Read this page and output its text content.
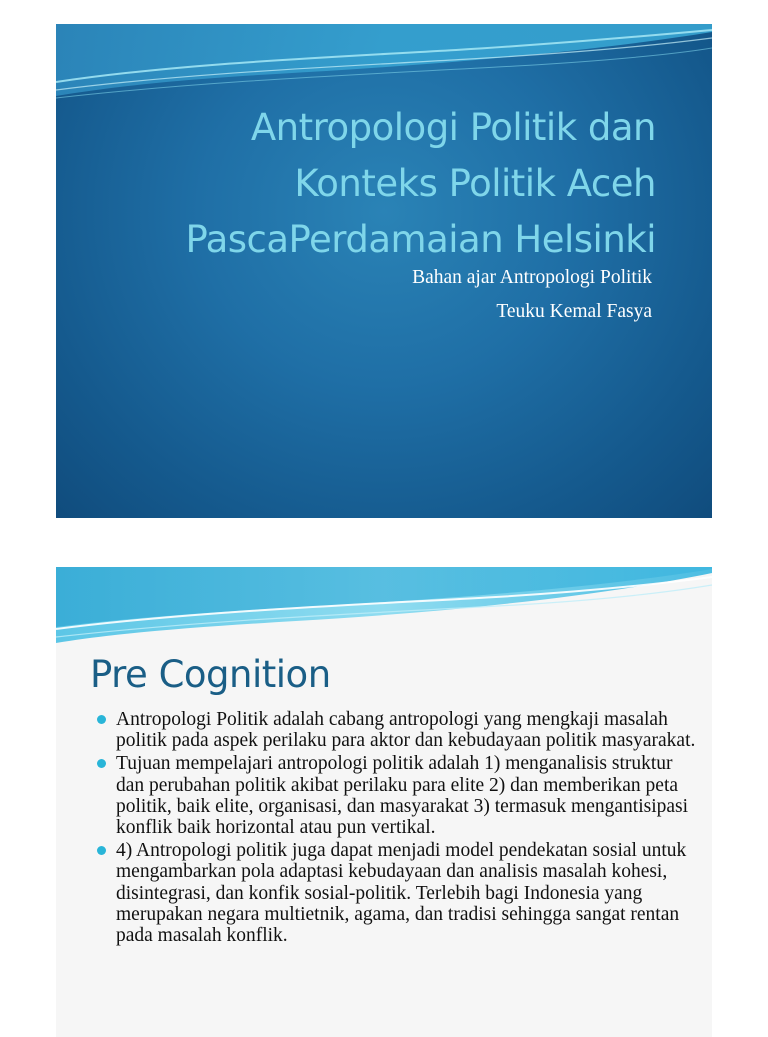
Antropologi Politik dan
Konteks Politik Aceh
PascaPerdamaian Helsinki
Bahan ajar Antropologi Politik
Teuku Kemal Fasya
Pre Cognition
Antropologi Politik adalah cabang antropologi yang mengkaji masalah politik pada aspek perilaku para aktor dan kebudayaan politik masyarakat.
Tujuan mempelajari antropologi politik adalah 1) menganalisis struktur dan perubahan politik akibat perilaku para elite 2) dan memberikan peta politik, baik elite, organisasi, dan masyarakat 3) termasuk mengantisipasi konflik baik horizontal atau pun vertikal.
4) Antropologi politik juga dapat menjadi model pendekatan sosial untuk mengambarkan pola adaptasi kebudayaan dan analisis masalah kohesi, disintegrasi, dan konfik sosial-politik. Terlebih bagi Indonesia yang merupakan negara multietnik, agama, dan tradisi sehingga sangat rentan pada masalah konflik.
